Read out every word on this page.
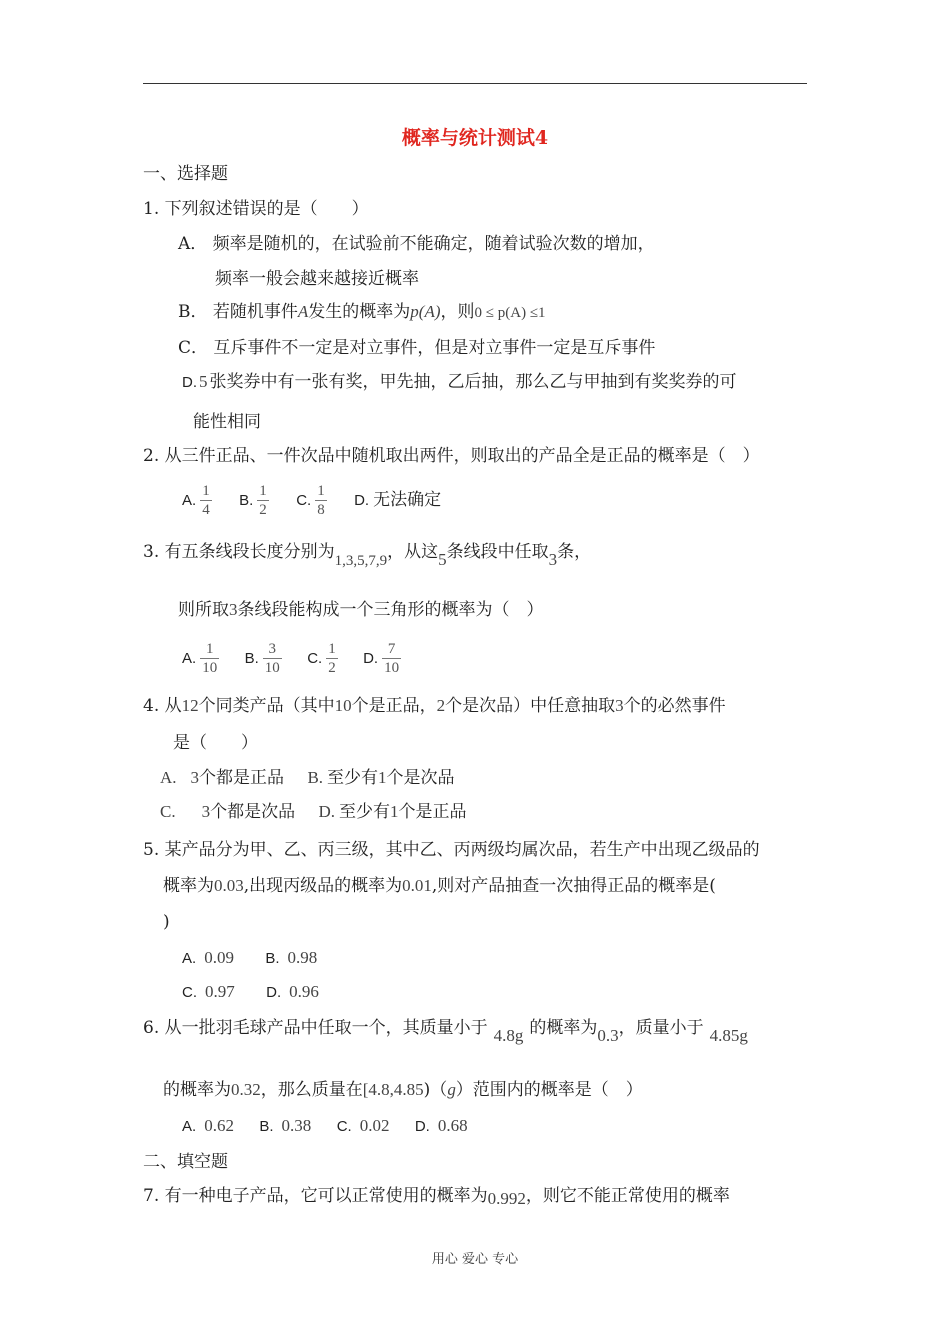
概率与统计测试4
一、选择题
1. 下列叙述错误的是（　　）
A． 频率是随机的，在试验前不能确定，随着试验次数的增加，
频率一般会越来越接近概率
B． 若随机事件A发生的概率为p(A)，则0 ≤ p(A) ≤1
C． 互斥事件不一定是对立事件，但是对立事件一定是互斥事件
D. 5 张奖券中有一张有奖，甲先抽，乙后抽，那么乙与甲抽到有奖奖券的可
能性相同
2. 从三件正品、一件次品中随机取出两件，则取出的产品全是正品的概率是（　）
A. $\frac{1}{4} B$. $\frac{1}{2} C$. $\frac{1}{8} D$. 无法确定
3. 有五条线段长度分别为1,3,5,7,9，从这5条线段中任取3条，
则所取3条线段能构成一个三角形的概率为（　）
A. $\frac{1}{10} B$. $\frac{3}{10} C$. $\frac{1}{2} D$. $\frac{7}{10}$
4. 从12个同类产品（其中10个是正品，2个是次品）中任意抽取3个的必然事件
是（　　）
A. 3个都是正品 B. 至少有1个是次品
C. 3个都是次品 D. 至少有1个是正品
5. 某产品分为甲、乙、丙三级，其中乙、丙两级均属次品，若生产中出现乙级品的
概率为0.03,出现丙级品的概率为0.01,则对产品抽查一次抽得正品的概率是(
)
A. 0.09 B. 0.98
C. 0.97 D. 0.96
6. 从一批羽毛球产品中任取一个，其质量小于 4.8g 的概率为0.3，质量小于 4.85g
的概率为0.32，那么质量在[4.8,4.85)（g）范围内的概率是（　）
A. 0.62 B. 0.38 C. 0.02 D. 0.68
二、填空题
7. 有一种电子产品，它可以正常使用的概率为0.992，则它不能正常使用的概率
用心 爱心 专心
